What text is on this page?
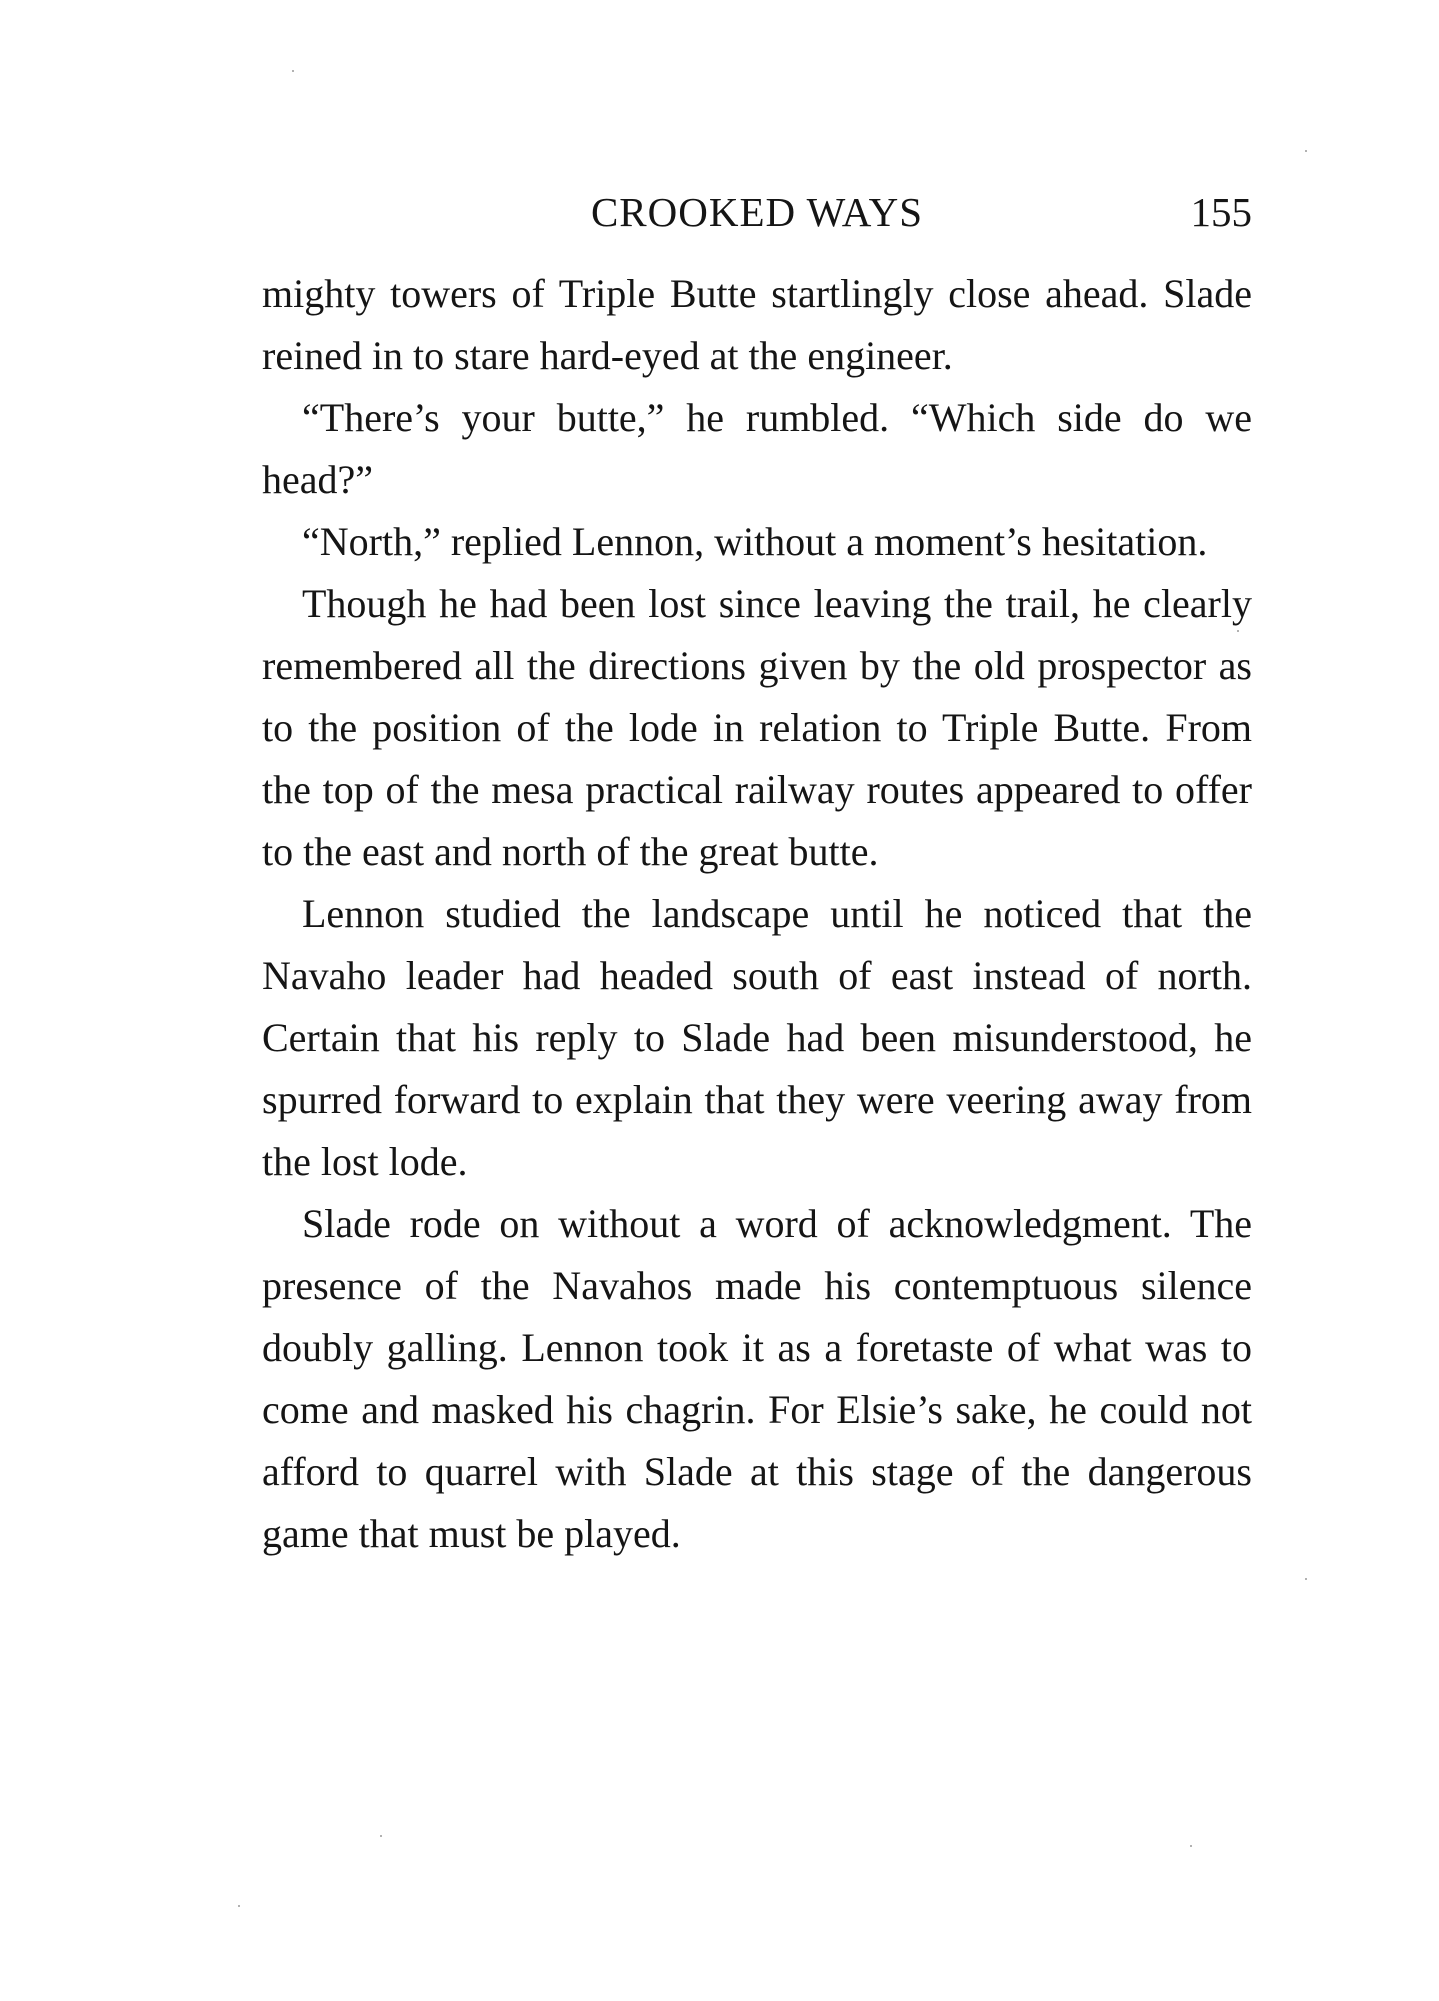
CROOKED WAYS	155

mighty towers of Triple Butte startlingly close ahead. Slade reined in to stare hard-eyed at the engineer.

“There’s your butte,” he rumbled. “Which side do we head?”

“North,” replied Lennon, without a moment’s hesitation.

Though he had been lost since leaving the trail, he clearly remembered all the directions given by the old prospector as to the position of the lode in relation to Triple Butte. From the top of the mesa practical railway routes appeared to offer to the east and north of the great butte.

Lennon studied the landscape until he noticed that the Navaho leader had headed south of east instead of north. Certain that his reply to Slade had been misunderstood, he spurred forward to explain that they were veering away from the lost lode.

Slade rode on without a word of acknowledgment. The presence of the Navahos made his contemptuous silence doubly galling. Lennon took it as a foretaste of what was to come and masked his chagrin. For Elsie’s sake, he could not afford to quarrel with Slade at this stage of the dangerous game that must be played.
